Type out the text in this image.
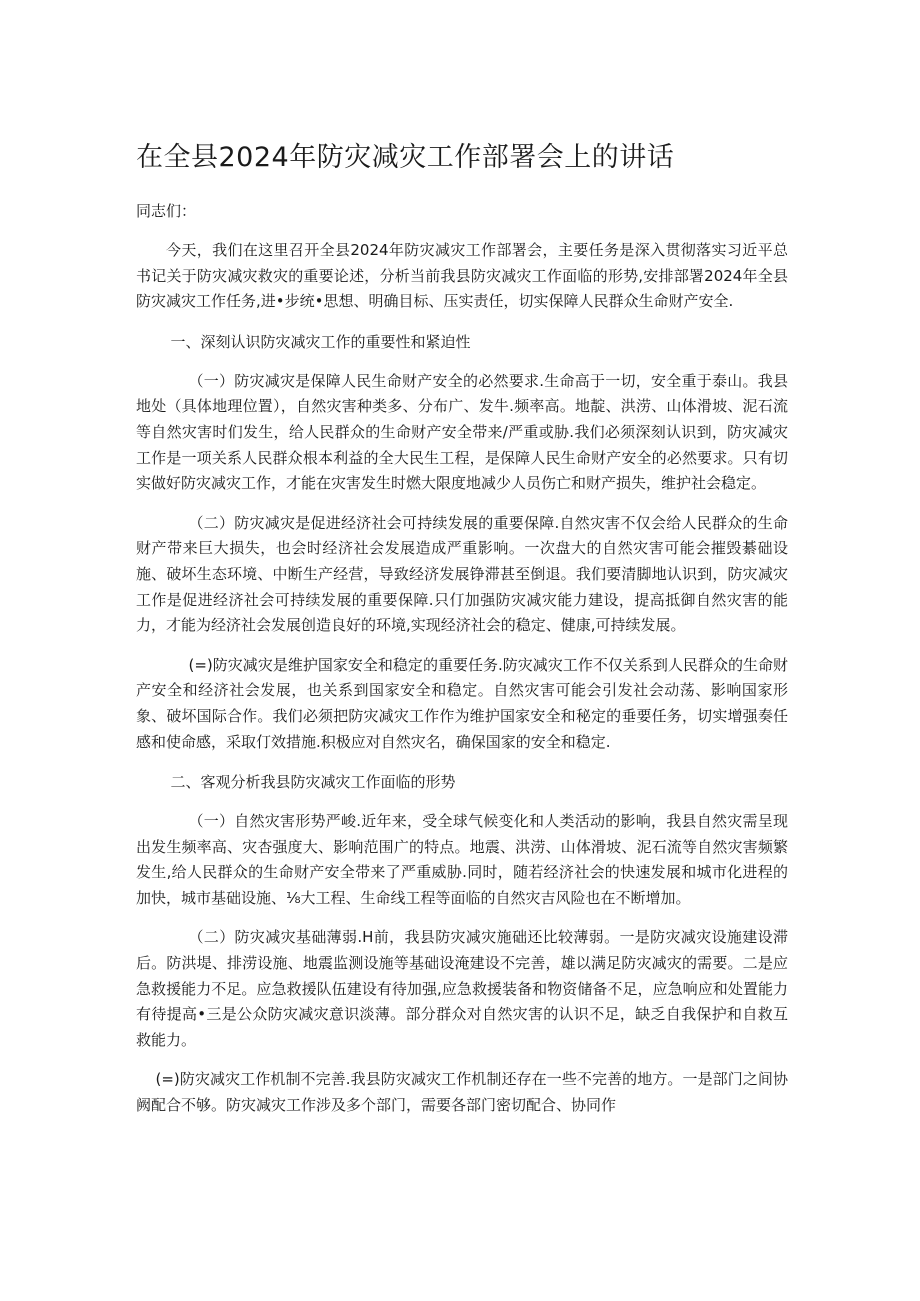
在全县2024年防灾减灾工作部署会上的讲话

同志们：

今天，我们在这里召开全县2024年防灾减灾工作部署会，主要任务是深入贯彻落实习近平总书记关于防灾减灾救灾的重要论述，分析当前我县防灾减灾工作面临的形势,安排部署2024年全县防灾减灾工作任务,进•步统•思想、明确目标、压实责任，切实保障人民群众生命财产安全.

一、深刻认识防灾减灾工作的重要性和紧迫性

（一）防灾减灾是保障人民生命财产安全的必然要求.生命高于一切，安全重于泰山。我县地处（具体地理位置），自然灾害种类多、分布广、发牛.频率高。地靛、洪涝、山体滑坡、泥石流等自然灾害时们发生，给人民群众的生命财产安全带来/严重或胁.我们必须深刻认识到，防灾减灾工作是一项关系人民群众根本利益的全大民生工程，是保障人民生命财产安全的必然要求。只有切实做好防灾减灾工作，才能在灾害发生时燃大限度地减少人员伤亡和财产损失，维护社会稳定。

（二）防灾减灾是促进经济社会可持续发展的重要保障.自然灾害不仅会给人民群众的生命财产带来巨大损失，也会时经济社会发展造成严重影响。一次盘大的自然灾害可能会摧毁綦础设施、破坏生态环境、中断生产经营，导致经济发展铮滞甚至倒退。我们要清脚地认识到，防灾减灾工作是促进经济社会可持续发展的重要保障.只仃加强防灾减灾能力建设，提高抵御自然灾害的能力，才能为经济社会发展创造良好的环境,实现经济社会的稳定、健康,可持续发展。

(=)防灾减灾是维护国家安全和稳定的重要任务.防灾减灾工作不仅关系到人民群众的生命财产安全和经济社会发展，也关系到国家安全和稳定。自然灾害可能会引发社会动荡、影响国家形象、破坏国际合作。我们必须把防灾减灾工作作为维护国家安全和秘定的垂要任务，切实增强奏任感和使命感，采取仃效措施.积极应对自然灾名，确保国家的安全和稳定.

二、客观分析我县防灾减灾工作面临的形势

（一）自然灾害形势严峻.近年来，受全球气候变化和人类活动的影响，我县自然灾需呈现出发生频率高、灾杏强度大、影响范围广的特点。地震、洪涝、山体滑坡、泥石流等自然灾害频繁发生,给人民群众的生命财产安全带来了严重威胁.同时，随若经济社会的快速发展和城市化进程的加快，城市基础设施、⅛大工程、生命线工程等面临的自然灾吉风险也在不断增加。

（二）防灾减灾基础薄弱.H前，我县防灾减灾施础还比较薄弱。一是防灾减灾设施建设滞后。防洪堤、排涝设施、地震监测设施等基础设淹建设不完善，雄以满足防灾减灾的需要。二是应急救援能力不足。应急救援队伍建设有待加强,应急救援装备和物资储备不足，应急响应和处置能力有待提高•三是公众防灾减灾意识淡薄。部分群众对自然灾害的认识不足，缺乏自我保护和自救互救能力。

(=)防灾减灾工作机制不完善.我县防灾减灾工作机制还存在一些不完善的地方。一是部门之间协阙配合不够。防灾减灾工作涉及多个部门，需要各部门密切配合、协同作
